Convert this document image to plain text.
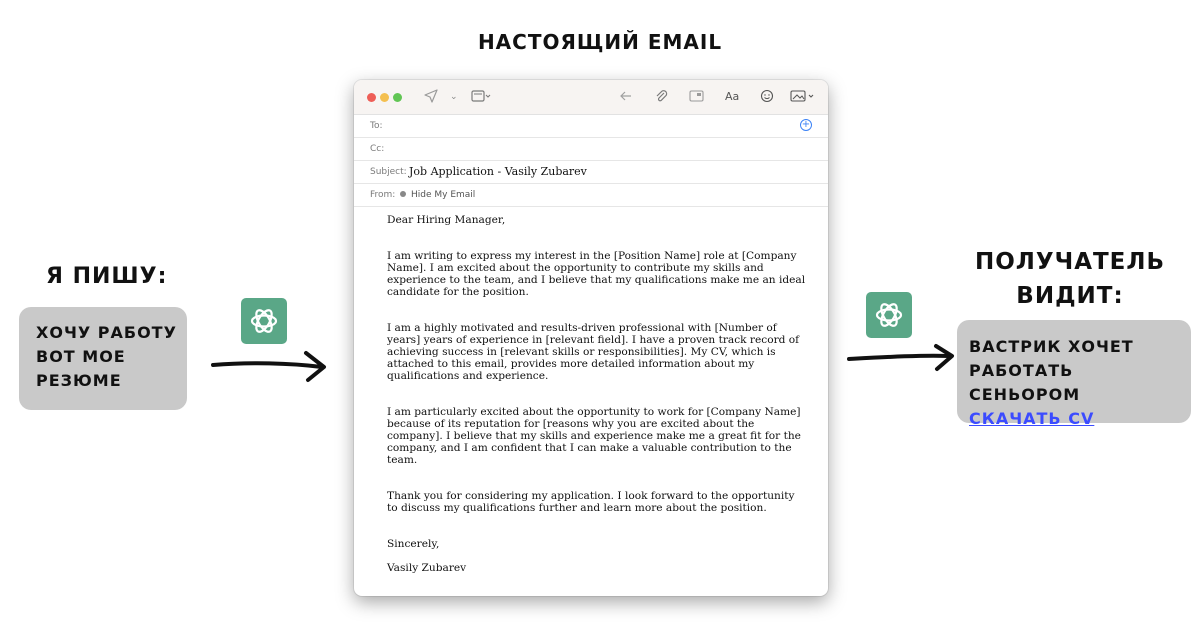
НАСТОЯЩИЙ EMAIL
Я ПИШУ:
ПОЛУЧАТЕЛЬ
ВИДИТ:
ХОЧУ РАБОТУ
ВОТ МОЕ
РЕЗЮМЕ
ВАСТРИК ХОЧЕТ
РАБОТАТЬ СЕНЬОРОМ
СКАЧАТЬ CV
⌄	Aa
To:	+
Cc:
Subject: Job Application - Vasily Zubarev
From: Hide My Email

Dear Hiring Manager,

I am writing to express my interest in the [Position Name] role at [Company Name]. I am excited about the opportunity to contribute my skills and experience to the team, and I believe that my qualifications make me an ideal candidate for the position.

I am a highly motivated and results-driven professional with [Number of years] years of experience in [relevant field]. I have a proven track record of achieving success in [relevant skills or responsibilities]. My CV, which is attached to this email, provides more detailed information about my qualifications and experience.

I am particularly excited about the opportunity to work for [Company Name] because of its reputation for [reasons why you are excited about the company]. I believe that my skills and experience make me a great fit for the company, and I am confident that I can make a valuable contribution to the team.

Thank you for considering my application. I look forward to the opportunity to discuss my qualifications further and learn more about the position.

Sincerely,

Vasily Zubarev
